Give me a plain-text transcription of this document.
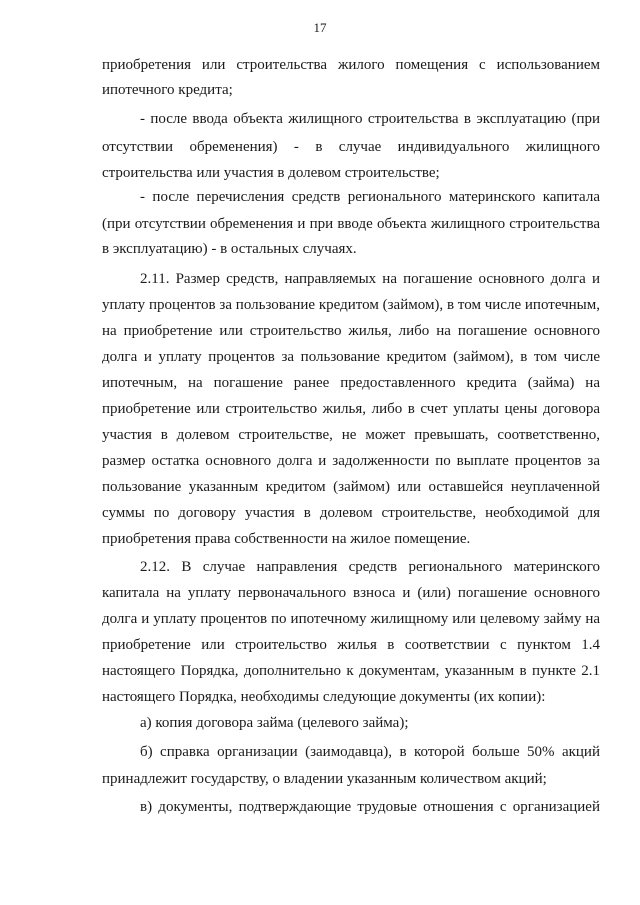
17
приобретения или строительства жилого помещения с использованием
ипотечного кредита;
- после ввода объекта жилищного строительства в эксплуатацию (при
отсутствии обременения) - в случае индивидуального жилищного
строительства или участия в долевом строительстве;
- после перечисления средств регионального материнского капитала
(при отсутствии обременения и при вводе объекта жилищного строительства
в эксплуатацию) - в остальных случаях.
2.11. Размер средств, направляемых на погашение основного долга и
уплату процентов за пользование кредитом (займом), в том числе ипотечным,
на приобретение или строительство жилья, либо на погашение основного
долга и уплату процентов за пользование кредитом (займом), в том числе
ипотечным, на погашение ранее предоставленного кредита (займа) на
приобретение или строительство жилья, либо в счет уплаты цены договора
участия в долевом строительстве, не может превышать, соответственно,
размер остатка основного долга и задолженности по выплате процентов за
пользование указанным кредитом (займом) или оставшейся неуплаченной
суммы по договору участия в долевом строительстве, необходимой для
приобретения права собственности на жилое помещение.
2.12. В случае направления средств регионального материнского
капитала на уплату первоначального взноса и (или) погашение основного
долга и уплату процентов по ипотечному жилищному или целевому займу на
приобретение или строительство жилья в соответствии с пунктом 1.4
настоящего Порядка, дополнительно к документам, указанным в пункте 2.1
настоящего Порядка, необходимы следующие документы (их копии):
а) копия договора займа (целевого займа);
б) справка организации (заимодавца), в которой больше 50% акций
принадлежит государству, о владении указанным количеством акций;
в) документы, подтверждающие трудовые отношения с организацией
